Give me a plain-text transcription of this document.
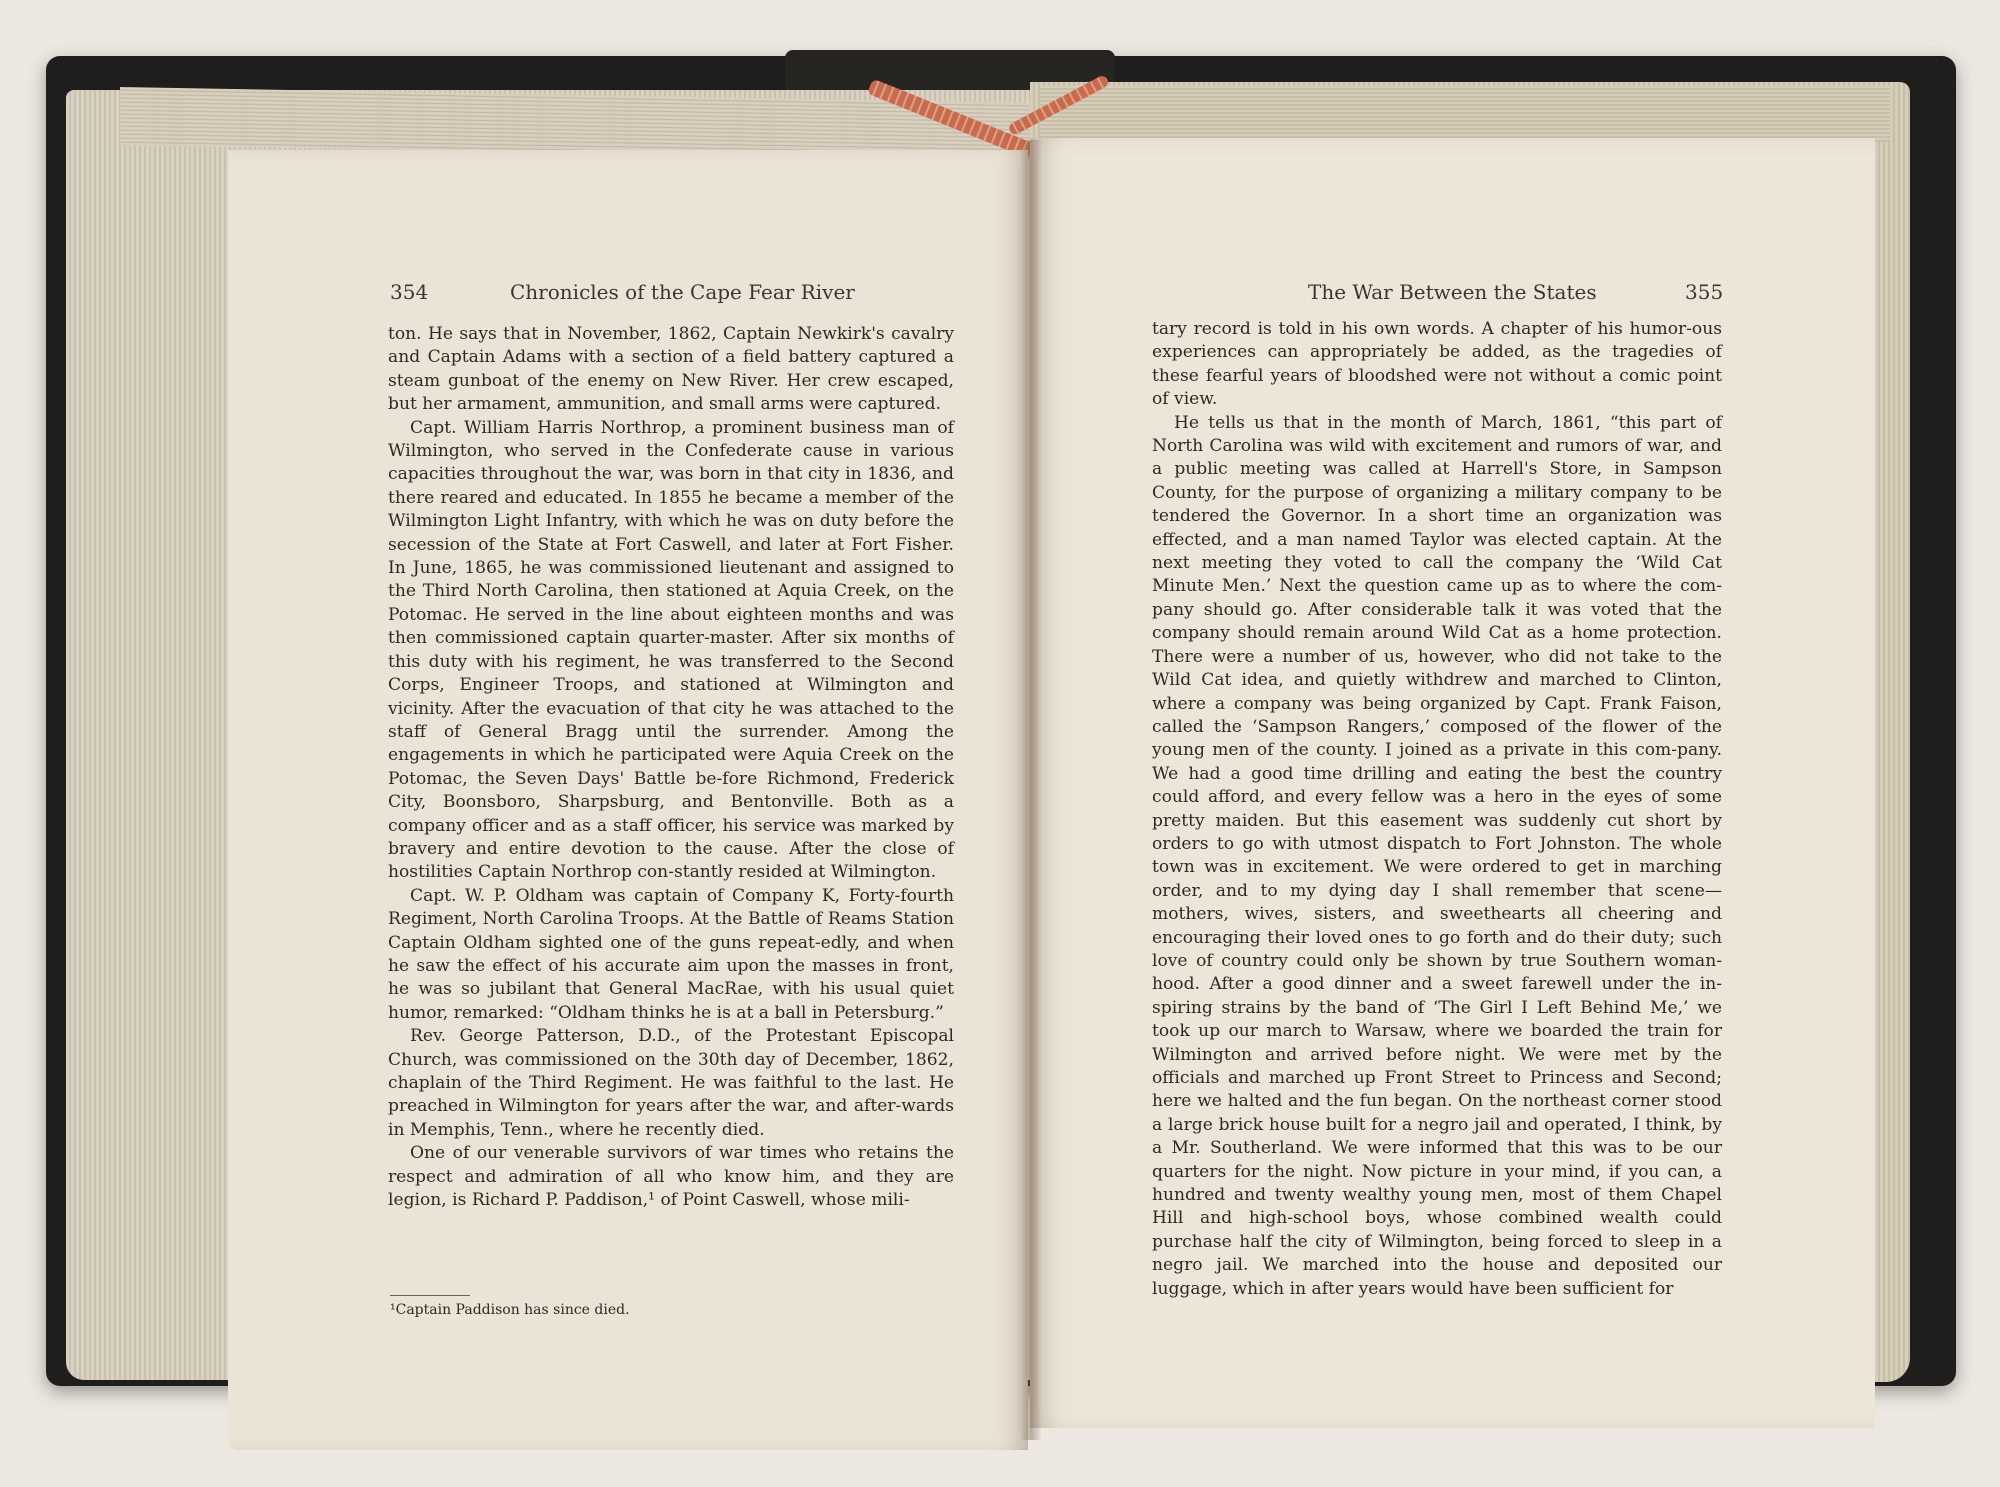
354	Chronicles of the Cape Fear River

ton. He says that in November, 1862, Captain Newkirk's cavalry and Captain Adams with a section of a field battery captured a steam gunboat of the enemy on New River. Her crew escaped, but her armament, ammunition, and small arms were captured.

Capt. William Harris Northrop, a prominent business man of Wilmington, who served in the Confederate cause in various capacities throughout the war, was born in that city in 1836, and there reared and educated. In 1855 he became a member of the Wilmington Light Infantry, with which he was on duty before the secession of the State at Fort Caswell, and later at Fort Fisher. In June, 1865, he was commissioned lieutenant and assigned to the Third North Carolina, then stationed at Aquia Creek, on the Potomac. He served in the line about eighteen months and was then commissioned captain quarter-master. After six months of this duty with his regiment, he was transferred to the Second Corps, Engineer Troops, and stationed at Wilmington and vicinity. After the evacuation of that city he was attached to the staff of General Bragg until the surrender. Among the engagements in which he participated were Aquia Creek on the Potomac, the Seven Days' Battle be-fore Richmond, Frederick City, Boonsboro, Sharpsburg, and Bentonville. Both as a company officer and as a staff officer, his service was marked by bravery and entire devotion to the cause. After the close of hostilities Captain Northrop con-stantly resided at Wilmington.

Capt. W. P. Oldham was captain of Company K, Forty-fourth Regiment, North Carolina Troops. At the Battle of Reams Station Captain Oldham sighted one of the guns repeat-edly, and when he saw the effect of his accurate aim upon the masses in front, he was so jubilant that General MacRae, with his usual quiet humor, remarked: “Oldham thinks he is at a ball in Petersburg.”

Rev. George Patterson, D.D., of the Protestant Episcopal Church, was commissioned on the 30th day of December, 1862, chaplain of the Third Regiment. He was faithful to the last. He preached in Wilmington for years after the war, and after-wards in Memphis, Tenn., where he recently died.

One of our venerable survivors of war times who retains the respect and admiration of all who know him, and they are legion, is Richard P. Paddison,¹ of Point Caswell, whose mili-

¹Captain Paddison has since died.
The War Between the States	355

tary record is told in his own words. A chapter of his humor-ous experiences can appropriately be added, as the tragedies of these fearful years of bloodshed were not without a comic point of view.

He tells us that in the month of March, 1861, “this part of North Carolina was wild with excitement and rumors of war, and a public meeting was called at Harrell's Store, in Sampson County, for the purpose of organizing a military company to be tendered the Governor. In a short time an organization was effected, and a man named Taylor was elected captain. At the next meeting they voted to call the company the ‘Wild Cat Minute Men.’ Next the question came up as to where the com-pany should go. After considerable talk it was voted that the company should remain around Wild Cat as a home protection. There were a number of us, however, who did not take to the Wild Cat idea, and quietly withdrew and marched to Clinton, where a company was being organized by Capt. Frank Faison, called the ‘Sampson Rangers,’ composed of the flower of the young men of the county. I joined as a private in this com-pany. We had a good time drilling and eating the best the country could afford, and every fellow was a hero in the eyes of some pretty maiden. But this easement was suddenly cut short by orders to go with utmost dispatch to Fort Johnston. The whole town was in excitement. We were ordered to get in marching order, and to my dying day I shall remember that scene—mothers, wives, sisters, and sweethearts all cheering and encouraging their loved ones to go forth and do their duty; such love of country could only be shown by true Southern woman-hood. After a good dinner and a sweet farewell under the in-spiring strains by the band of ‘The Girl I Left Behind Me,’ we took up our march to Warsaw, where we boarded the train for Wilmington and arrived before night. We were met by the officials and marched up Front Street to Princess and Second; here we halted and the fun began. On the northeast corner stood a large brick house built for a negro jail and operated, I think, by a Mr. Southerland. We were informed that this was to be our quarters for the night. Now picture in your mind, if you can, a hundred and twenty wealthy young men, most of them Chapel Hill and high-school boys, whose combined wealth could purchase half the city of Wilmington, being forced to sleep in a negro jail. We marched into the house and deposited our luggage, which in after years would have been sufficient for
